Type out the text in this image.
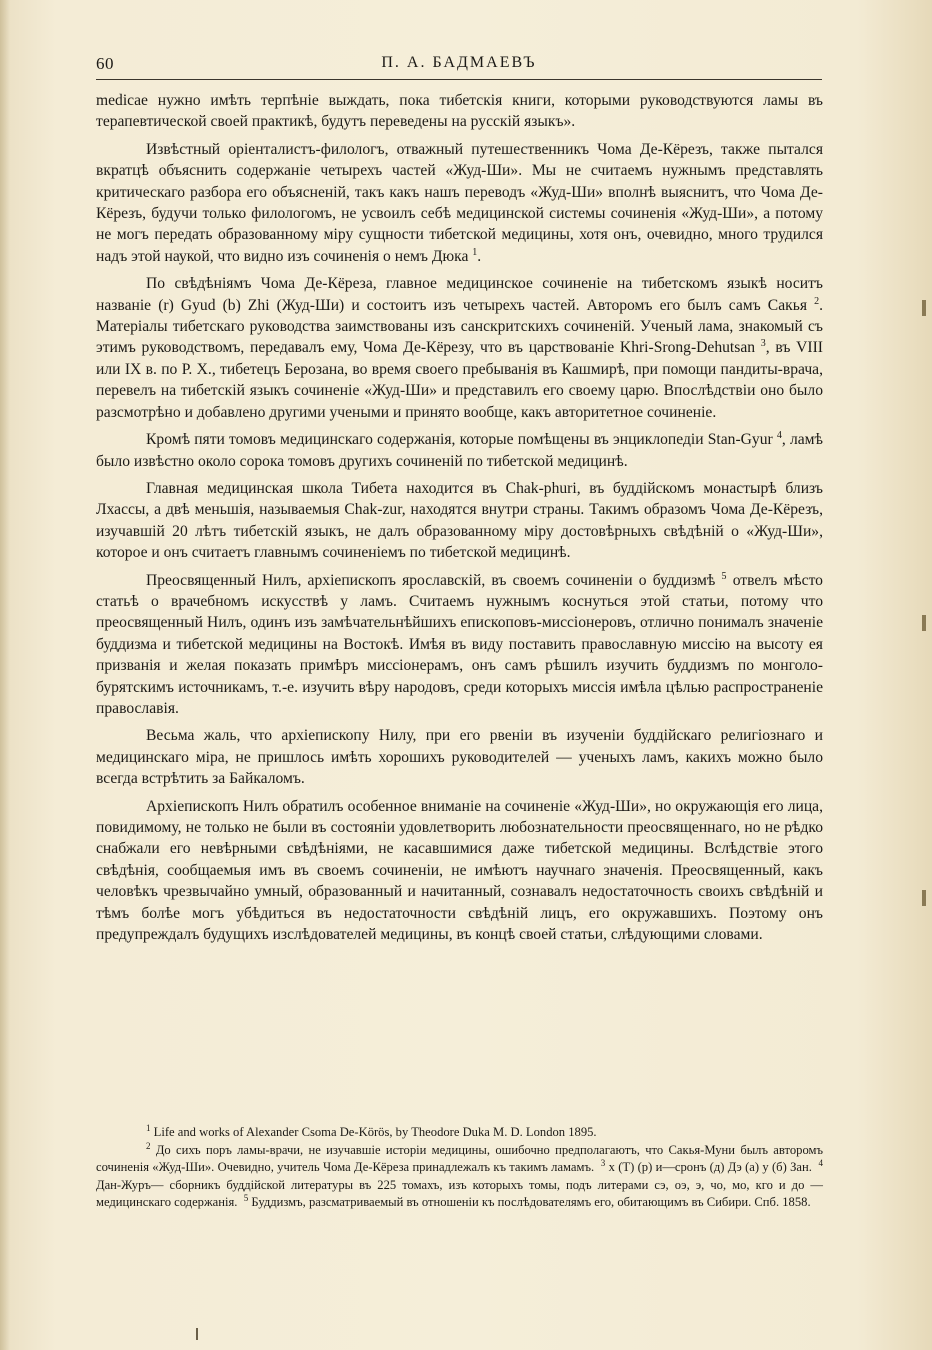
60	П. А. БАДМАЕВЪ

medicae нужно имѣть терпѣніе выждать, пока тибетскія книги, которыми руководствуются ламы въ терапевтической своей практикѣ, будутъ переведены на русскій языкъ».

Извѣстный оріенталистъ-филологъ, отважный путешественникъ Чома Де-Кёрезъ, также пытался вкратцѣ объяснить содержаніе четырехъ частей «Жуд-Ши». Мы не считаемъ нужнымъ представлять критическаго разбора его объясненій, такъ какъ нашъ переводъ «Жуд-Ши» вполнѣ выяснитъ, что Чома Де-Кёрезъ, будучи только филологомъ, не усвоилъ себѣ медицинской системы сочиненія «Жуд-Ши», а потому не могъ передать образованному міру сущности тибетской медицины, хотя онъ, очевидно, много трудился надъ этой наукой, что видно изъ сочиненія о немъ Дюка $^1$.

По свѣдѣніямъ Чома Де-Кёреза, главное медицинское сочиненіе на тибетскомъ языкѣ носитъ названіе (r) Gyud (b) Zhi (Жуд-Ши) и состоитъ изъ четырехъ частей. Авторомъ его былъ самъ Сакья $^2$. Матеріалы тибетскаго руководства заимствованы изъ санскритскихъ сочиненій. Ученый лама, знакомый съ этимъ руководствомъ, передавалъ ему, Чома Де-Кёрезу, что въ царствованіе Khri-Srong-Dehutsan $^3$, въ VIII или IX в. по Р. Х., тибетецъ Берозана, во время своего пребыванія въ Кашмирѣ, при помощи пандиты-врача, перевелъ на тибетскій языкъ сочиненіе «Жуд-Ши» и представилъ его своему царю. Впослѣдствіи оно было разсмотрѣно и добавлено другими учеными и принято вообще, какъ авторитетное сочиненіе.

Кромѣ пяти томовъ медицинскаго содержанія, которые помѣщены въ энциклопедіи Stan-Gyur $^4$, ламѣ было извѣстно около сорока томовъ другихъ сочиненій по тибетской медицинѣ.

Главная медицинская школа Тибета находится въ Chak-phuri, въ буддійскомъ монастырѣ близъ Лхассы, а двѣ меньшія, называемыя Chak-zur, находятся внутри страны. Такимъ образомъ Чома Де-Кёрезъ, изучавшій 20 лѣтъ тибетскій языкъ, не далъ образованному міру достовѣрныхъ свѣдѣній о «Жуд-Ши», которое и онъ считаетъ главнымъ сочиненіемъ по тибетской медицинѣ.

Преосвященный Нилъ, архіепископъ ярославскій, въ своемъ сочиненіи о буддизмѣ $^5$ отвелъ мѣсто статьѣ о врачебномъ искусствѣ у ламъ. Считаемъ нужнымъ коснуться этой статьи, потому что преосвященный Нилъ, одинъ изъ замѣчательнѣйшихъ епископовъ-миссіонеровъ, отлично понималъ значеніе буддизма и тибетской медицины на Востокѣ. Имѣя въ виду поставить православную миссію на высоту ея призванія и желая показать примѣръ миссіонерамъ, онъ самъ рѣшилъ изучить буддизмъ по монголо-бурятскимъ источникамъ, т.-е. изучить вѣру народовъ, среди которыхъ миссія имѣла цѣлью распространеніе православія.

Весьма жаль, что архіепископу Нилу, при его рвеніи въ изученіи буддійскаго религіознаго и медицинскаго міра, не пришлось имѣть хорошихъ руководителей — ученыхъ ламъ, какихъ можно было всегда встрѣтить за Байкаломъ.

Архіепископъ Нилъ обратилъ особенное вниманіе на сочиненіе «Жуд-Ши», но окружающія его лица, повидимому, не только не были въ состояніи удовлетворить любознательности преосвященнаго, но не рѣдко снабжали его невѣрными свѣдѣніями, не касавшимися даже тибетской медицины. Вслѣдствіе этого свѣдѣнія, сообщаемыя имъ въ своемъ сочиненіи, не имѣютъ научнаго значенія. Преосвященный, какъ человѣкъ чрезвычайно умный, образованный и начитанный, сознавалъ недостаточность своихъ свѣдѣній и тѣмъ болѣе могъ убѣдиться въ недостаточности свѣдѣній лицъ, его окружавшихъ. Поэтому онъ предупреждалъ будущихъ изслѣдователей медицины, въ концѣ своей статьи, слѣдующими словами.

$^1$ Life and works of Alexander Csoma De-Körös, by Theodore Duka M. D. London 1895.

$^2$ До сихъ поръ ламы-врачи, не изучавшіе исторіи медицины, ошибочно предполагаютъ, что Сакья-Муни былъ авторомъ сочиненія «Жуд-Ши». Очевидно, учитель Чома Де-Кёреза принадлежалъ къ такимъ ламамъ. $^3$ x (T) (р) и—сронъ (д) Дэ (а) у (б) Зан. $^4$ Дан-Журъ— сборникъ буддійской литературы въ 225 томахъ, изъ которыхъ томы, подъ литерами сэ, оэ, э, чо, мо, кго и до — медицинскаго содержанія. $^5$ Буддизмъ, разсматриваемый въ отношеніи къ послѣдователямъ его, обитающимъ въ Сибири. Спб. 1858.
